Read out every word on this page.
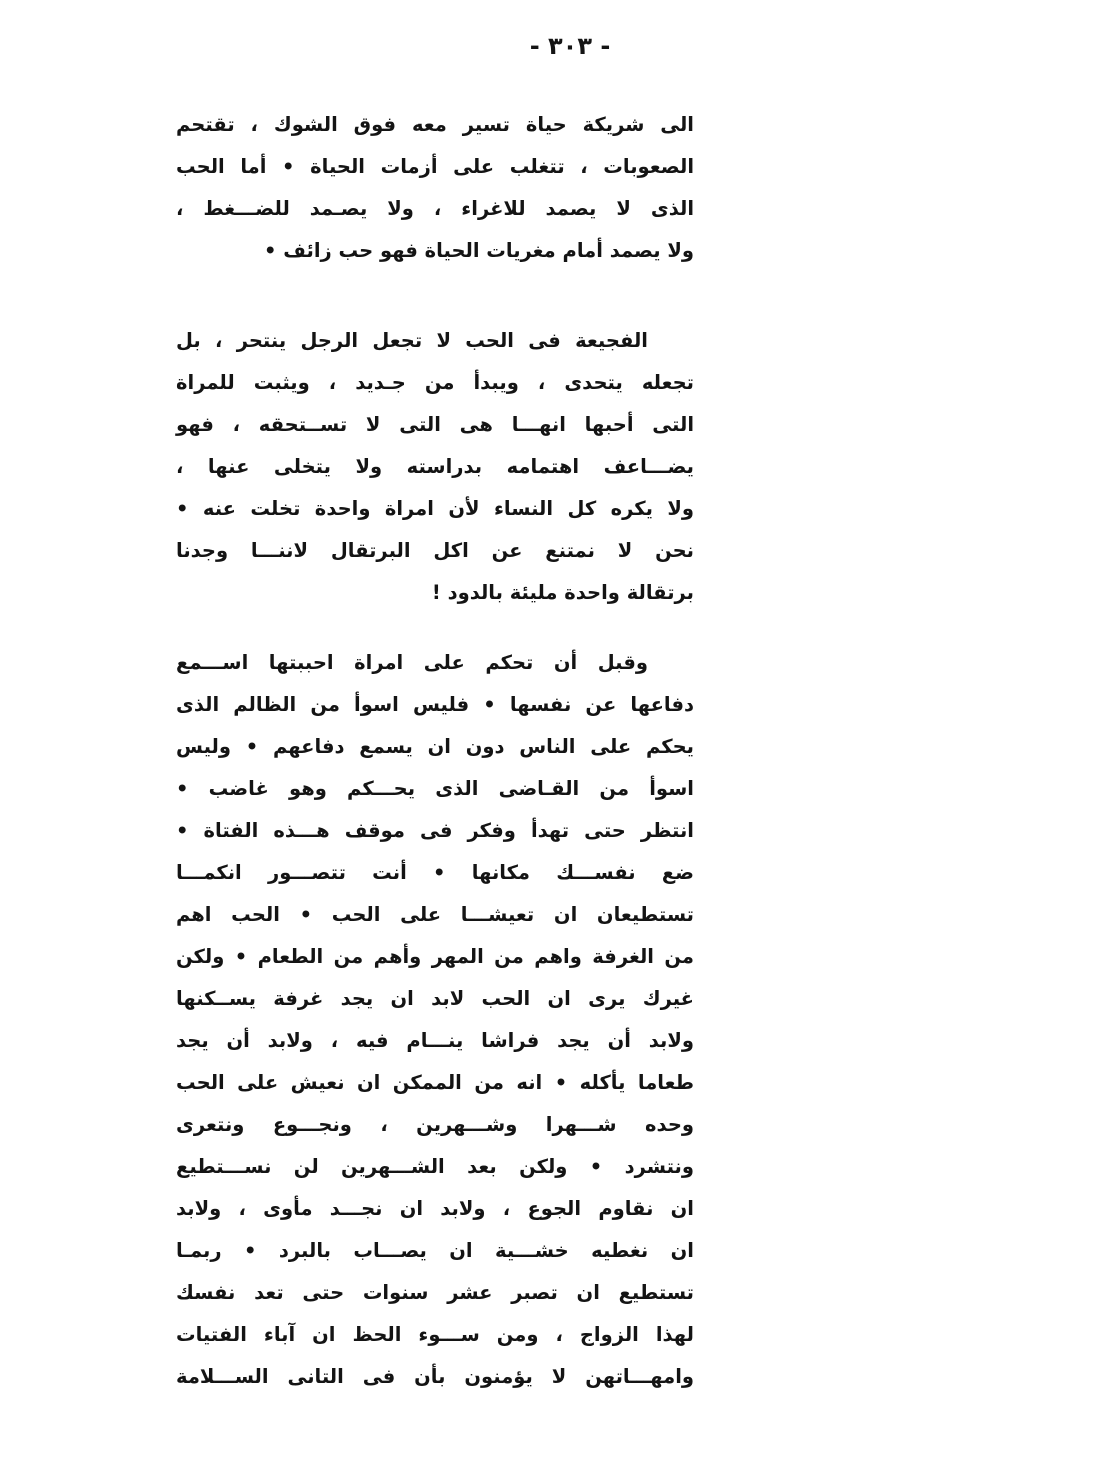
- ٣٠٣ -
الى شريكة حياة تسير معه فوق الشوك ، تقتحم
الصعوبات ، تتغلب على أزمات الحياة • أما الحب
الذى لا يصمد للاغراء ، ولا يصـمد للضـــغط ،
ولا يصمد أمام مغريات الحياة فهو حب زائف •
الفجيعة فى الحب لا تجعل الرجل ينتحر ، بل
تجعله يتحدى ، ويبدأ من جـديد ، ويثبت للمراة
التى أحبها انهـــا هى التى لا تســتحقه ، فهو
يضـــاعف اهتمامه بدراسته ولا يتخلى عنها ،
ولا يكره كل النساء لأن امراة واحدة تخلت عنه •
نحن لا نمتنع عن اكل البرتقال لاننـــا وجدنا
برتقالة واحدة مليئة بالدود !
وقبل أن تحكم على امراة احببتها اســـمع
دفاعها عن نفسها • فليس اسوأ من الظالم الذى
يحكم على الناس دون ان يسمع دفاعهم • وليس
اسوأ من القـاضى الذى يحـــكم وهو غاضب •
انتظر حتى تهدأ وفكر فى موقف هـــذه الفتاة •
ضع نفســـك مكانها • أنت تتصـــور انكمـــا
تستطيعان ان تعيشـــا على الحب • الحب اهم
من الغرفة واهم من المهر وأهم من الطعام • ولكن
غيرك يرى ان الحب لابد ان يجد غرفة يســكنها
ولابد أن يجد فراشا ينـــام فيه ، ولابد أن يجد
طعاما يأكله • انه من الممكن ان نعيش على الحب
وحده شـــهرا وشـــهرين ، ونجـــوع ونتعرى
ونتشرد • ولكن بعد الشـــهرين لن نســـتطيع
ان نقاوم الجوع ، ولابد ان نجـــد مأوى ، ولابد
ان نغطيه خشـــية ان يصـــاب بالبرد • ربمـا
تستطيع ان تصبر عشر سنوات حتى تعد نفسك
لهذا الزواج ، ومن ســـوء الحظ ان آباء الفتيات
وامهـــاتهن لا يؤمنون بأن فى التانى الســـلامة
